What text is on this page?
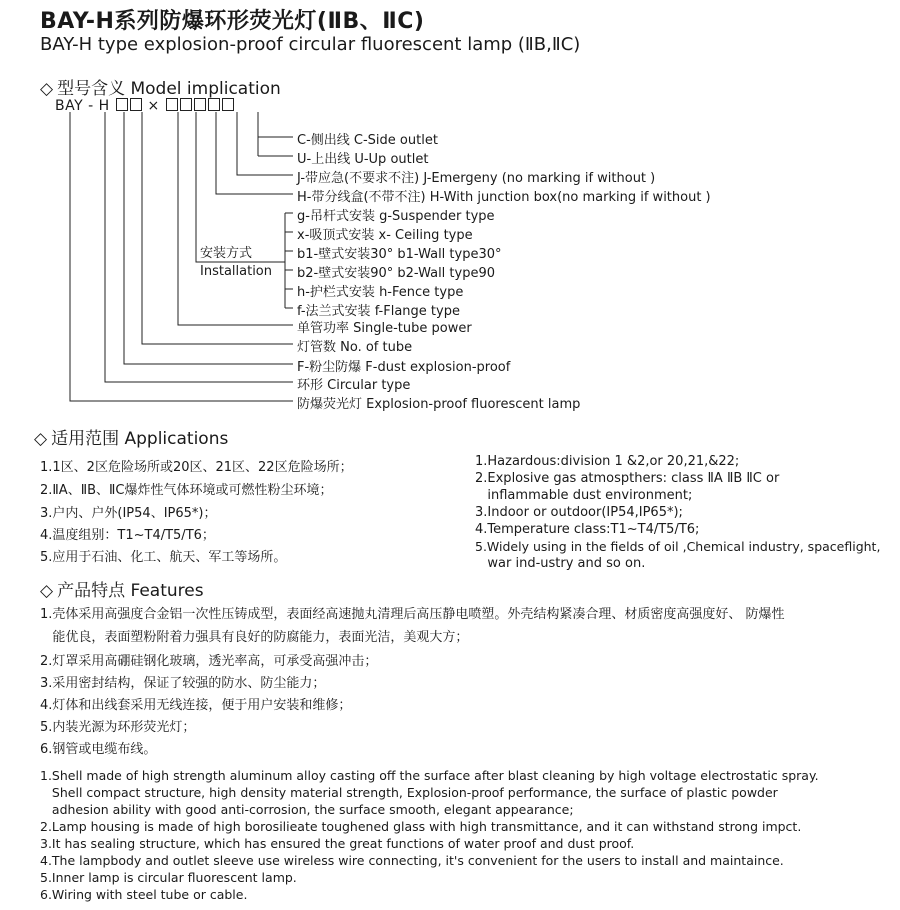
BAY-H系列防爆环形荧光灯(ⅡB、ⅡC)
BAY-H type explosion-proof circular fluorescent lamp (ⅡB,ⅡC)
◇ 型号含义 Model implication
BAY - H	×
安装方式
Installation
C-侧出线 C-Side outlet
U-上出线 U-Up outlet
J-带应急(不要求不注) J-Emergeny (no marking if without )
H-带分线盒(不带不注) H-With junction box(no marking if without )
g-吊杆式安装 g-Suspender type
x-吸顶式安装 x- Ceiling type
b1-壁式安装30° b1-Wall type30°
b2-壁式安装90° b2-Wall type90
h-护栏式安装 h-Fence type
f-法兰式安装 f-Flange type
单管功率 Single-tube power
灯管数 No. of tube
F-粉尘防爆 F-dust explosion-proof
环形 Circular type
防爆荧光灯 Explosion-proof fluorescent lamp
◇ 适用范围 Applications
1.1区、2区危险场所或20区、21区、22区危险场所；
2.ⅡA、ⅡB、ⅡC爆炸性气体环境或可燃性粉尘环境；
3.户内、户外(IP54、IP65*)；
4.温度组别：T1~T4/T5/T6；
5.应用于石油、化工、航天、军工等场所。
1.Hazardous:division 1 &2,or 20,21,&22;
2.Explosive gas atmospthers: class ⅡA ⅡB ⅡC or
inflammable dust environment;
3.Indoor or outdoor(IP54,IP65*);
4.Temperature class:T1~T4/T5/T6;
5.Widely using in the fields of oil ,Chemical industry, spaceflight,
war ind-ustry and so on.
◇ 产品特点 Features
1.壳体采用高强度合金铝一次性压铸成型，表面经高速抛丸清理后高压静电喷塑。外壳结构紧凑合理、材质密度高强度好、 防爆性
能优良，表面塑粉附着力强具有良好的防腐能力，表面光洁，美观大方；
2.灯罩采用高硼硅钢化玻璃，透光率高，可承受高强冲击；
3.采用密封结构，保证了较强的防水、防尘能力；
4.灯体和出线套采用无线连接，便于用户安装和维修；
5.内装光源为环形荧光灯；
6.钢管或电缆布线。
1.Shell made of high strength aluminum alloy casting off the surface after blast cleaning by high voltage electrostatic spray.
Shell compact structure, high density material strength, Explosion-proof performance, the surface of plastic powder
adhesion ability with good anti-corrosion, the surface smooth, elegant appearance;
2.Lamp housing is made of high borosilieate toughened glass with high transmittance, and it can withstand strong impct.
3.It has sealing structure, which has ensured the great functions of water proof and dust proof.
4.The lampbody and outlet sleeve use wireless wire connecting, it's convenient for the users to install and maintaince.
5.Inner lamp is circular fluorescent lamp.
6.Wiring with steel tube or cable.
